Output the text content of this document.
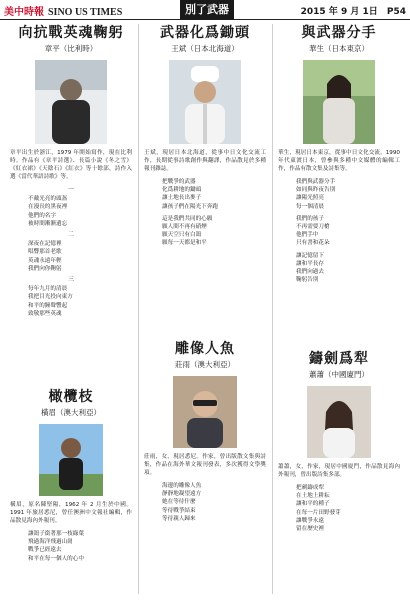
美中時報 SINO US TIMES	別了武器	2015 年 9 月 1日 P54
向抗戰英魂鞠躬
章平（比利時）
章平出生於浙江，1979 年開始寫作，現在比利時。作品有《章平詩選》、長篇小說《冬之雪》《紅衣裙》《天陰石》《紅衣》等十餘部，詩作入選《當代華語詩歌》等。
一
不戴光亮的頭盔
在漫長的黑夜裡
他們的名字
被時間漸漸遺忘
二
深夜在記憶裡
唱響那首老歌
英魂永遠年輕
我們向你鞠躬
三
每年九月的清晨
我把目光投向東方
和平的鐘聲響起
致敬那些英魂
橄欖枝
橫眉（澳大利亞）
橫眉，原名陳堅陽，1962 年 2 月生於中國。1991 年旅居悉尼，曾任澳洲中文報社編輯，作品散見海內外報刊。
讓鴿子銜著那一枝綠葉
飛過海洋飛過山崗
戰爭已經遠去
和平在每一個人的心中
武器化爲鋤頭
王斌（日本北海道）
王斌，現居日本北海道，從事中日文化交流工作，長期從事詩歌創作與翻譯，作品散見於多種報刊雜誌。
把戰爭的武器
化爲耕地的鋤頭
讓土地長出麥子
讓孩子們在陽光下奔跑
這是我們共同的心願
願人間不再有硝煙
願天空只有白鴿
願每一天都是和平
雕像人魚
莊雨（澳大利亞）
莊雨，女，現居悉尼。作家，曾出版散文集與詩集，作品在海外華文報刊發表，多次獲得文學獎項。
海邊的雕像人魚
靜靜地凝望遠方
她在等待什麼
等待戰爭結束
等待親人歸來
與武器分手
華生（日本東京）
華生，現居日本東京，從事中日文化交流。1990 年代東渡日本，曾參與多種中文媒體的編輯工作，作品有散文集及詩集等。
我們與武器分手
如同與昨夜告別
讓陽光照亮
每一個清晨
我們的孩子
不再需要刀槍
他們手中
只有書和花朵
讓記憶留下
讓和平長存
我們向過去
鞠躬告別
鑄劍爲犁
蕭蕭（中國廈門）
蕭蕭，女，作家，現居中國廈門，作品散見海內外報刊，曾出版詩集多部。
把劍鑄成犁
在土地上耕耘
讓和平的種子
在每一片田野發芽
讓戰爭永遠
留在歷史裡
